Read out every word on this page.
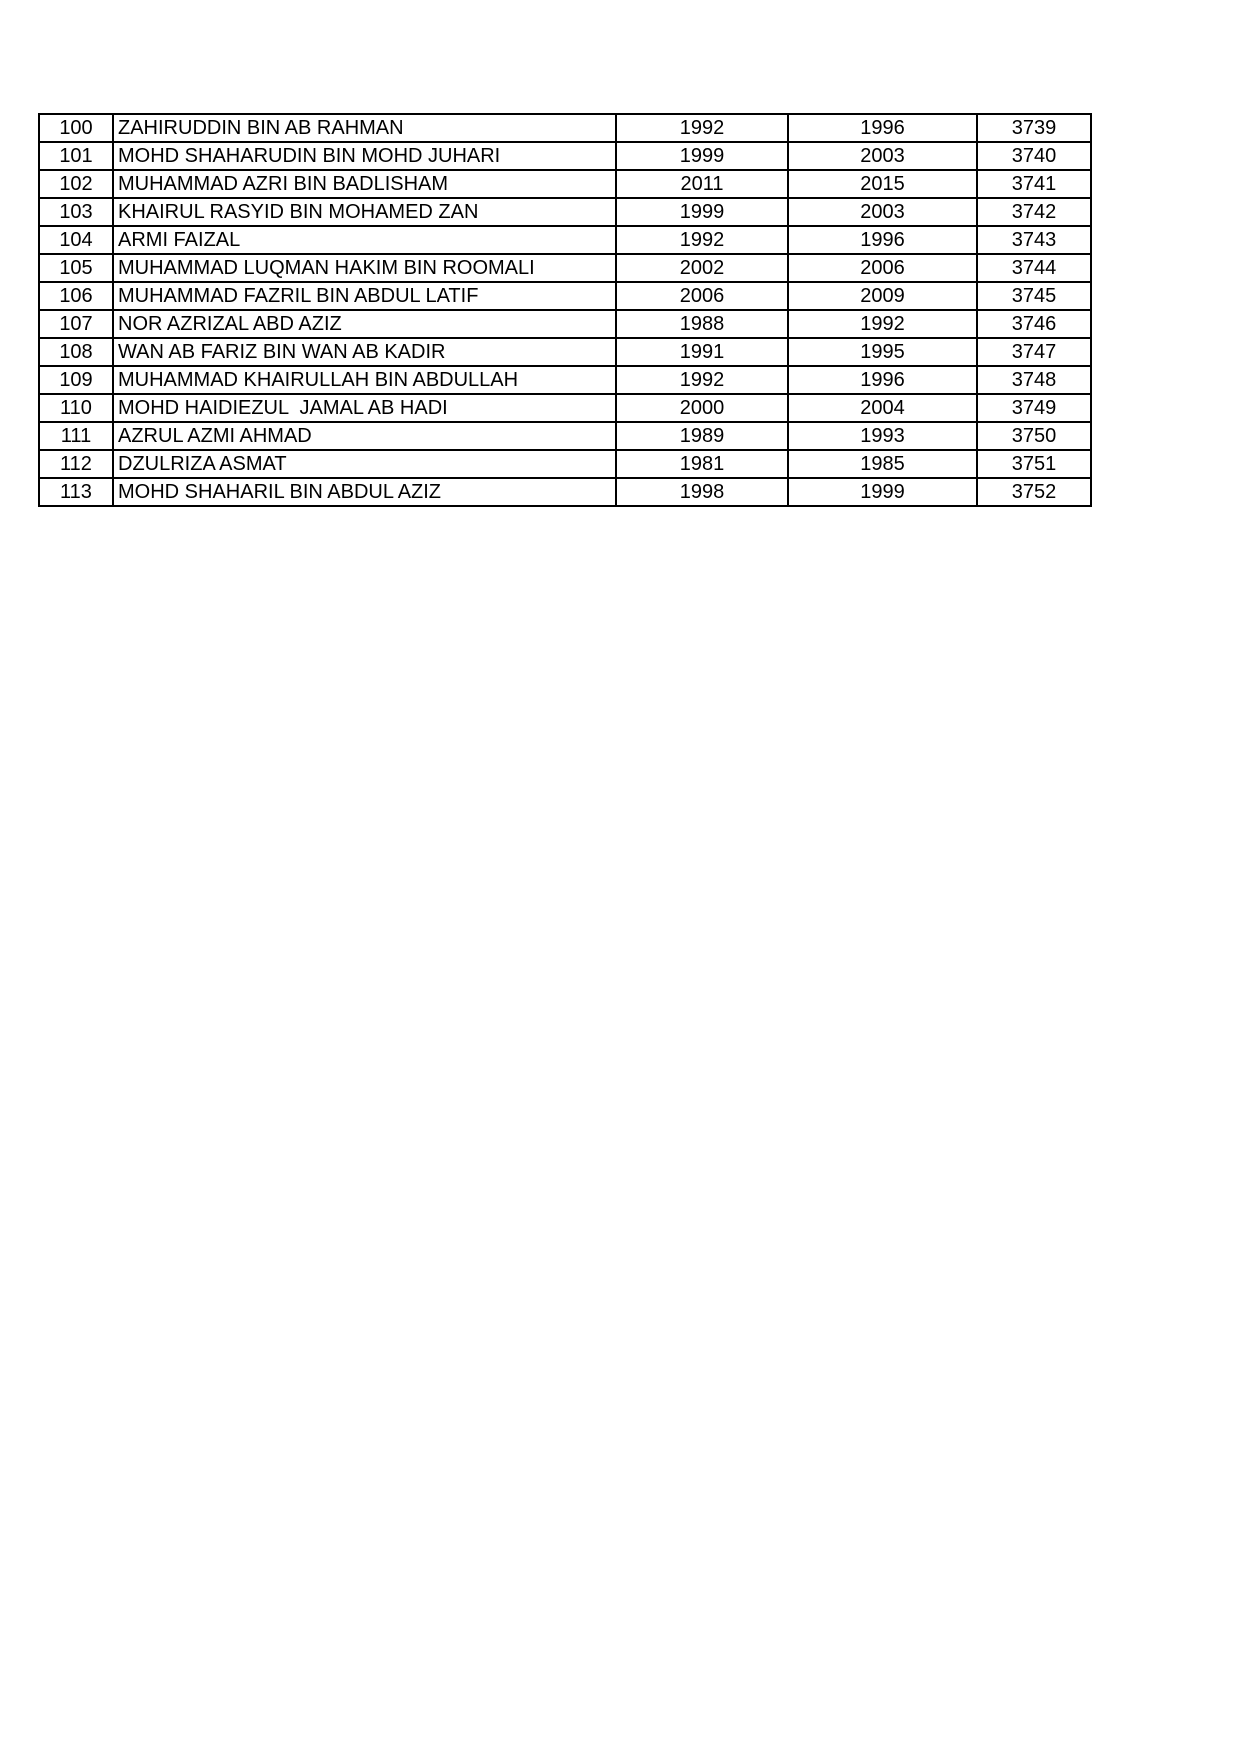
100	ZAHIRUDDIN BIN AB RAHMAN	1992	1996	3739
101	MOHD SHAHARUDIN BIN MOHD JUHARI	1999	2003	3740
102	MUHAMMAD AZRI BIN BADLISHAM	2011	2015	3741
103	KHAIRUL RASYID BIN MOHAMED ZAN	1999	2003	3742
104	ARMI FAIZAL	1992	1996	3743
105	MUHAMMAD LUQMAN HAKIM BIN ROOMALI	2002	2006	3744
106	MUHAMMAD FAZRIL BIN ABDUL LATIF	2006	2009	3745
107	NOR AZRIZAL ABD AZIZ	1988	1992	3746
108	WAN AB FARIZ BIN WAN AB KADIR	1991	1995	3747
109	MUHAMMAD KHAIRULLAH BIN ABDULLAH	1992	1996	3748
110	MOHD HAIDIEZUL  JAMAL AB HADI	2000	2004	3749
111	AZRUL AZMI AHMAD	1989	1993	3750
112	DZULRIZA ASMAT	1981	1985	3751
113	MOHD SHAHARIL BIN ABDUL AZIZ	1998	1999	3752
